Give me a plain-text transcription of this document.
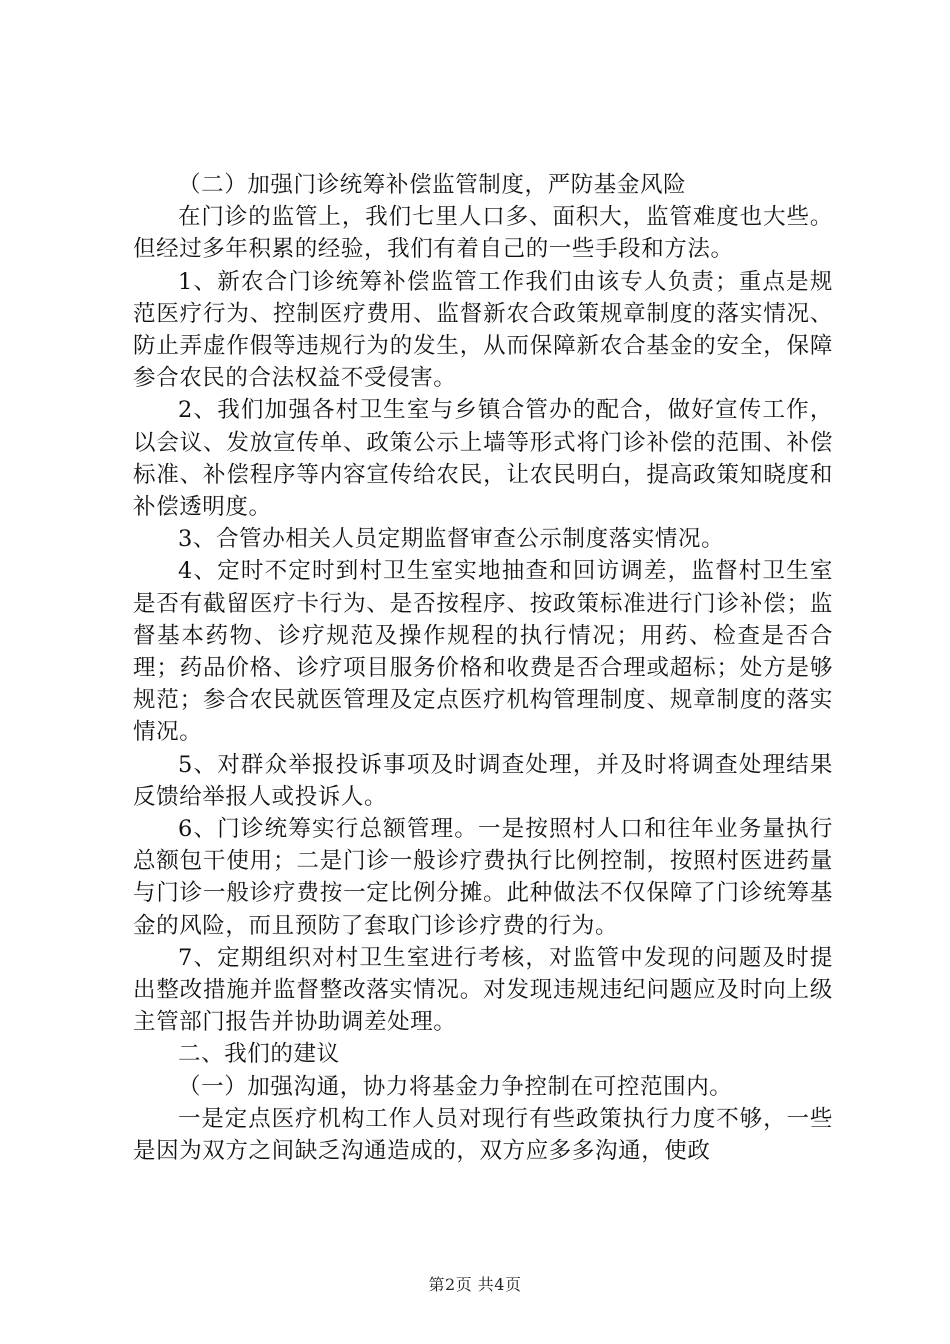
（二）加强门诊统筹补偿监管制度，严防基金风险

在门诊的监管上，我们七里人口多、面积大，监管难度也大些。但经过多年积累的经验，我们有着自己的一些手段和方法。

1、新农合门诊统筹补偿监管工作我们由该专人负责；重点是规范医疗行为、控制医疗费用、监督新农合政策规章制度的落实情况、防止弄虚作假等违规行为的发生，从而保障新农合基金的安全，保障参合农民的合法权益不受侵害。

2、我们加强各村卫生室与乡镇合管办的配合，做好宣传工作，以会议、发放宣传单、政策公示上墙等形式将门诊补偿的范围、补偿标准、补偿程序等内容宣传给农民，让农民明白，提高政策知晓度和补偿透明度。

3、合管办相关人员定期监督审查公示制度落实情况。

4、定时不定时到村卫生室实地抽查和回访调差，监督村卫生室是否有截留医疗卡行为、是否按程序、按政策标准进行门诊补偿；监督基本药物、诊疗规范及操作规程的执行情况；用药、检查是否合理；药品价格、诊疗项目服务价格和收费是否合理或超标；处方是够规范；参合农民就医管理及定点医疗机构管理制度、规章制度的落实情况。

5、对群众举报投诉事项及时调查处理，并及时将调查处理结果反馈给举报人或投诉人。

6、门诊统筹实行总额管理。一是按照村人口和往年业务量执行总额包干使用；二是门诊一般诊疗费执行比例控制，按照村医进药量与门诊一般诊疗费按一定比例分摊。此种做法不仅保障了门诊统筹基金的风险，而且预防了套取门诊诊疗费的行为。

7、定期组织对村卫生室进行考核，对监管中发现的问题及时提出整改措施并监督整改落实情况。对发现违规违纪问题应及时向上级主管部门报告并协助调差处理。

二、我们的建议

（一）加强沟通，协力将基金力争控制在可控范围内。

一是定点医疗机构工作人员对现行有些政策执行力度不够，一些是因为双方之间缺乏沟通造成的，双方应多多沟通，使政

第2页 共4页
